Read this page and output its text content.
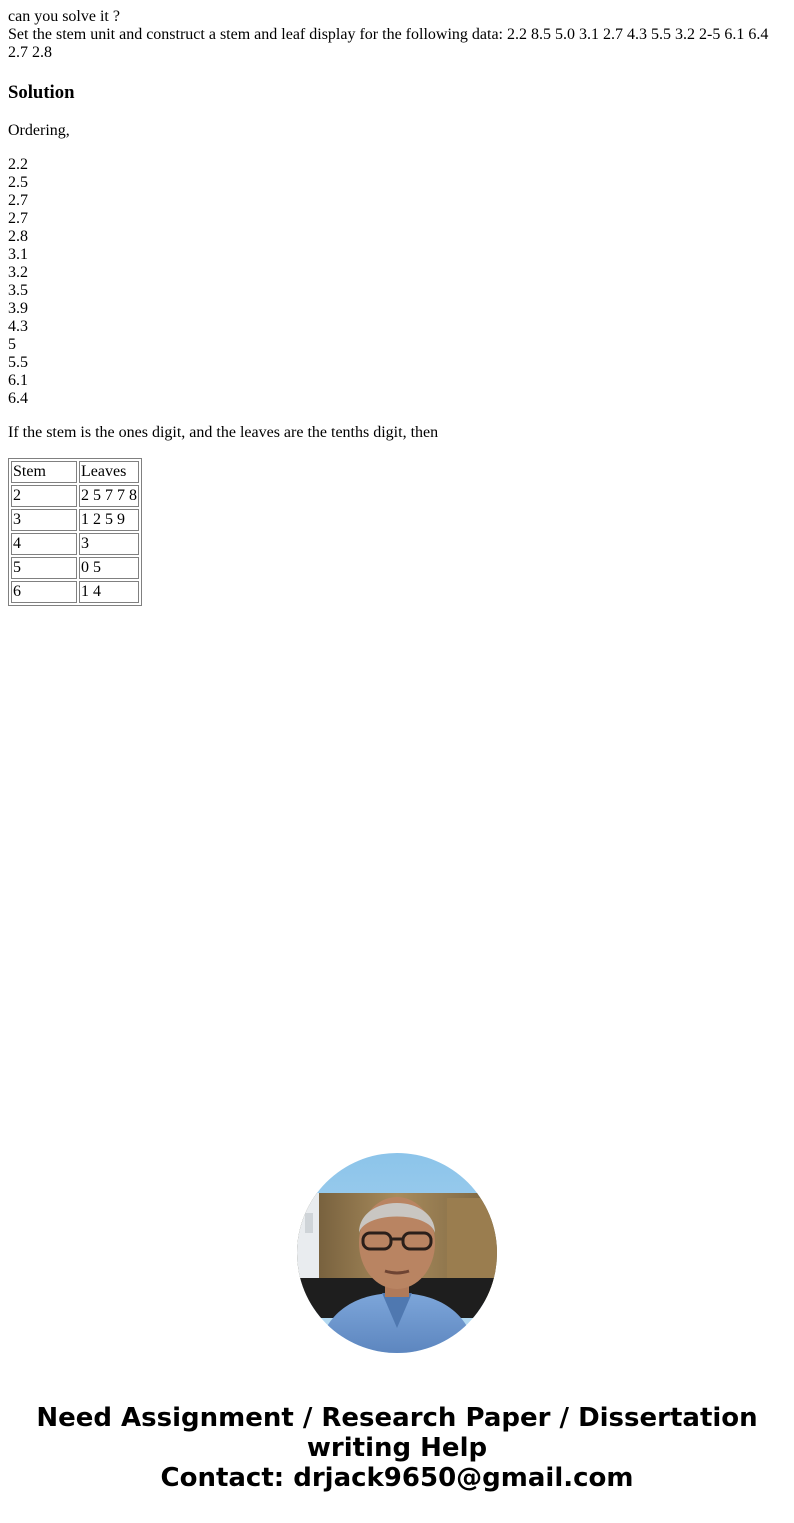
can you solve it ?

Set the stem unit and construct a stem and leaf display for the following data: 2.2 8.5 5.0 3.1 2.7 4.3 5.5 3.2 2-5 6.1 6.4 2.7 2.8

Solution

Ordering,

2.2
2.5
2.7
2.7
2.8
3.1
3.2
3.5
3.9
4.3
5
5.5
6.1
6.4

If the stem is the ones digit, and the leaves are the tenths digit, then

Stem	Leaves
2	2 5 7 7 8
3	1 2 5 9
4	3
5	0 5
6	1 4
Need Assignment / Research Paper / Dissertation
writing Help
Contact: drjack9650@gmail.com
